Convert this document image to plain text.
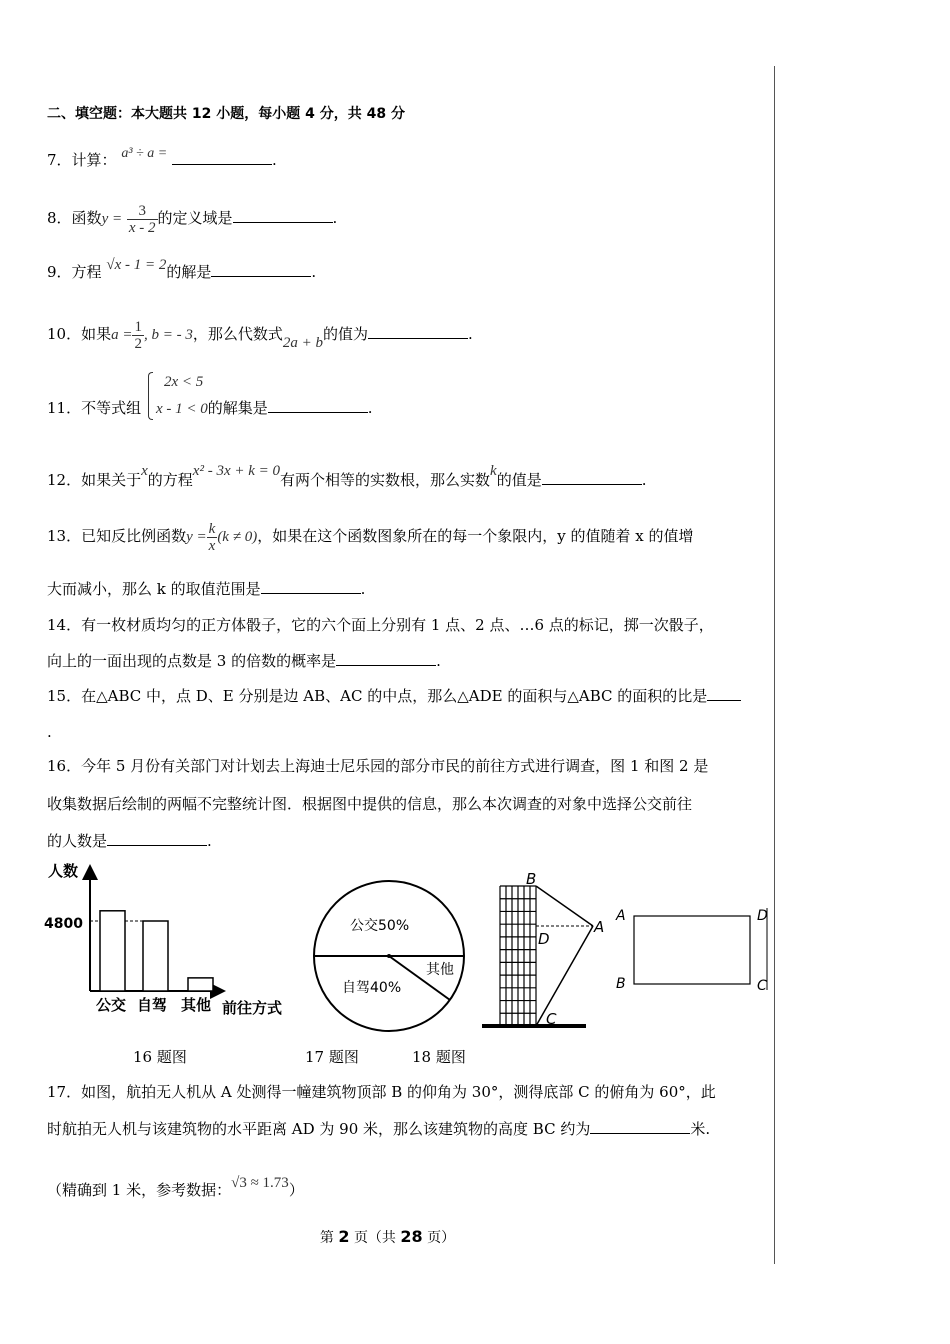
二、填空题：本大题共 12 小题，每小题 4 分，共 48 分
7．计算： a³ ÷ a =	.
8．函数$y = \frac{3}{x - 2}$ 的定义域是	.
9．方程 √x - 1 = 2的解是	.
10．如果$a = \frac{1}{2}$ , b = - 3，那么代数式2a + b的值为	.
11．不等式组
2x < 5
x - 1 < 0的解集是	.
12．如果关于x的方程x² - 3x + k = 0有两个相等的实数根，那么实数k的值是	.
13．已知反比例函数$y = \frac{k}{x} (k \ne 0)$，如果在这个函数图象所在的每一个象限内，y 的值随着 x 的值增
大而减小，那么 k 的取值范围是	.
14．有一枚材质均匀的正方体骰子，它的六个面上分别有 1 点、2 点、…6 点的标记，掷一次骰子，
向上的一面出现的点数是 3 的倍数的概率是	.
15．在△ABC 中，点 D、E 分别是边 AB、AC 的中点，那么△ADE 的面积与△ABC 的面积的比是
.
16．今年 5 月份有关部门对计划去上海迪士尼乐园的部分市民的前往方式进行调查，图 1 和图 2 是
收集数据后绘制的两幅不完整统计图．根据图中提供的信息，那么本次调查的对象中选择公交前往
的人数是	.
人数
4800
公交 自驾 其他 前往方式
公交50%
自驾40%
其他
B
D
A
C
A	D
B	C
16 题图	17 题图	18 题图
17．如图，航拍无人机从 A 处测得一幢建筑物顶部 B 的仰角为 30°，测得底部 C 的俯角为 60°，此
时航拍无人机与该建筑物的水平距离 AD 为 90 米，那么该建筑物的高度 BC 约为	米.
（精确到 1 米，参考数据：√3 ≈ 1.73）
第 2 页（共 28 页）
